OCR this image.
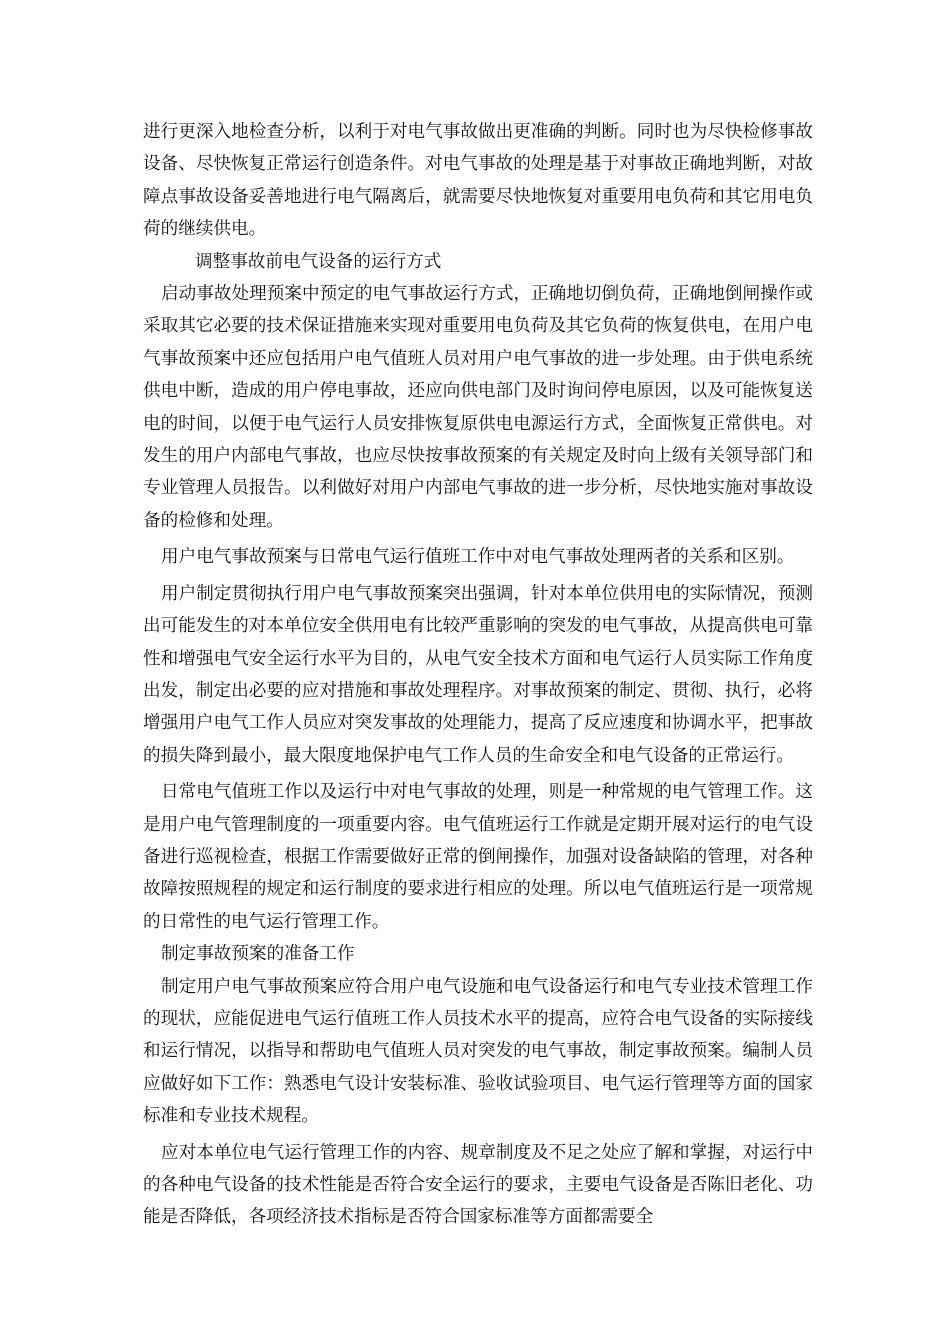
进行更深入地检查分析，以利于对电气事故做出更准确的判断。同时也为尽快检修事故设备、尽快恢复正常运行创造条件。对电气事故的处理是基于对事故正确地判断，对故障点事故设备妥善地进行电气隔离后，就需要尽快地恢复对重要用电负荷和其它用电负荷的继续供电。

调整事故前电气设备的运行方式

启动事故处理预案中预定的电气事故运行方式，正确地切倒负荷，正确地倒闸操作或采取其它必要的技术保证措施来实现对重要用电负荷及其它负荷的恢复供电，在用户电气事故预案中还应包括用户电气值班人员对用户电气事故的进一步处理。由于供电系统供电中断，造成的用户停电事故，还应向供电部门及时询问停电原因，以及可能恢复送电的时间，以便于电气运行人员安排恢复原供电电源运行方式，全面恢复正常供电。对发生的用户内部电气事故，也应尽快按事故预案的有关规定及时向上级有关领导部门和专业管理人员报告。以利做好对用户内部电气事故的进一步分析，尽快地实施对事故设备的检修和处理。

用户电气事故预案与日常电气运行值班工作中对电气事故处理两者的关系和区别。

用户制定贯彻执行用户电气事故预案突出强调，针对本单位供用电的实际情况，预测出可能发生的对本单位安全供用电有比较严重影响的突发的电气事故，从提高供电可靠性和增强电气安全运行水平为目的，从电气安全技术方面和电气运行人员实际工作角度出发，制定出必要的应对措施和事故处理程序。对事故预案的制定、贯彻、执行，必将增强用户电气工作人员应对突发事故的处理能力，提高了反应速度和协调水平，把事故的损失降到最小，最大限度地保护电气工作人员的生命安全和电气设备的正常运行。

日常电气值班工作以及运行中对电气事故的处理，则是一种常规的电气管理工作。这是用户电气管理制度的一项重要内容。电气值班运行工作就是定期开展对运行的电气设备进行巡视检查，根据工作需要做好正常的倒闸操作，加强对设备缺陷的管理，对各种故障按照规程的规定和运行制度的要求进行相应的处理。所以电气值班运行是一项常规的日常性的电气运行管理工作。

制定事故预案的准备工作

制定用户电气事故预案应符合用户电气设施和电气设备运行和电气专业技术管理工作的现状，应能促进电气运行值班工作人员技术水平的提高，应符合电气设备的实际接线和运行情况，以指导和帮助电气值班人员对突发的电气事故，制定事故预案。编制人员应做好如下工作：熟悉电气设计安装标准、验收试验项目、电气运行管理等方面的国家标准和专业技术规程。

应对本单位电气运行管理工作的内容、规章制度及不足之处应了解和掌握，对运行中的各种电气设备的技术性能是否符合安全运行的要求，主要电气设备是否陈旧老化、功能是否降低，各项经济技术指标是否符合国家标准等方面都需要全
